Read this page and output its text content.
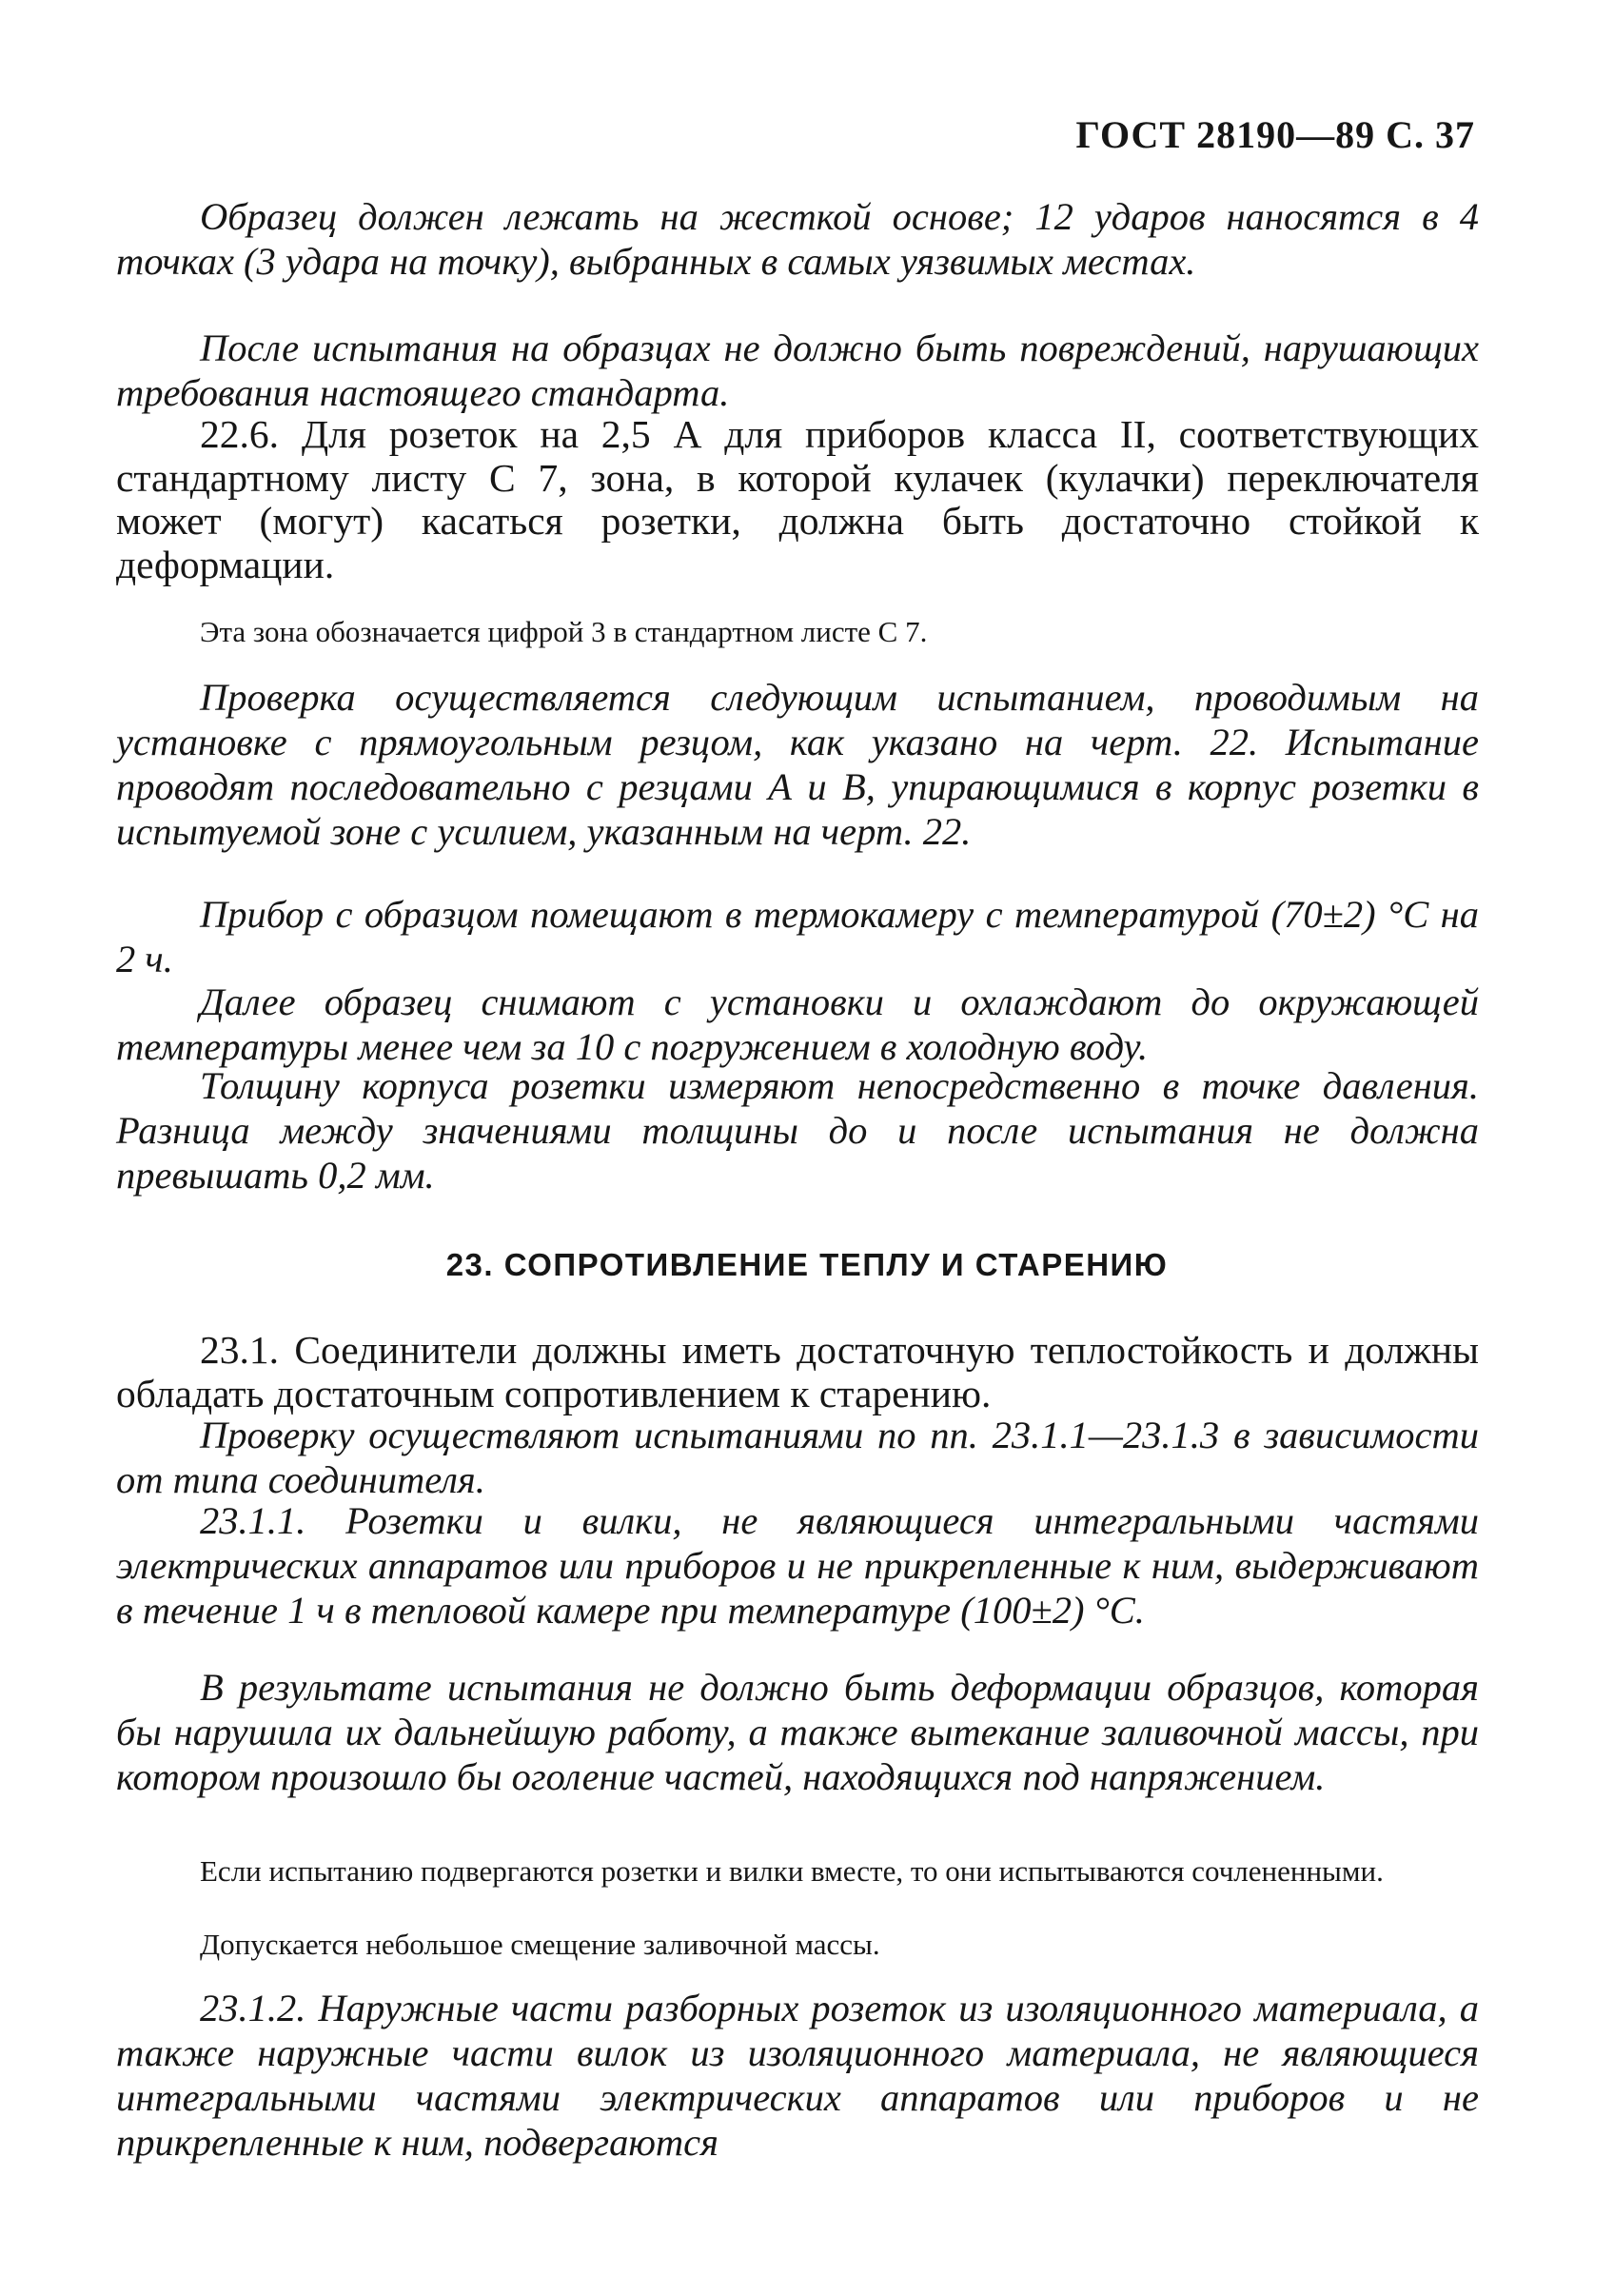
ГОСТ 28190—89 С. 37

Образец должен лежать на жесткой основе; 12 ударов наносятся в 4 точках (3 удара на точку), выбранных в самых уязвимых местах.

После испытания на образцах не должно быть повреждений, нарушающих требования настоящего стандарта.

22.6. Для розеток на 2,5 А для приборов класса II, соответствующих стандартному листу С 7, зона, в которой кулачек (кулачки) переключателя может (могут) касаться розетки, должна быть достаточно стойкой к деформации.

Эта зона обозначается цифрой 3 в стандартном листе С 7.

Проверка осуществляется следующим испытанием, проводимым на установке с прямоугольным резцом, как указано на черт. 22. Испытание проводят последовательно с резцами А и В, упирающимися в корпус розетки в испытуемой зоне с усилием, указанным на черт. 22.

Прибор с образцом помещают в термокамеру с температурой (70±2) °С на 2 ч.

Далее образец снимают с установки и охлаждают до окружающей температуры менее чем за 10 с погружением в холодную воду.

Толщину корпуса розетки измеряют непосредственно в точке давления. Разница между значениями толщины до и после испытания не должна превышать 0,2 мм.

23. СОПРОТИВЛЕНИЕ ТЕПЛУ И СТАРЕНИЮ

23.1. Соединители должны иметь достаточную теплостойкость и должны обладать достаточным сопротивлением к старению.

Проверку осуществляют испытаниями по пп. 23.1.1—23.1.3 в зависимости от типа соединителя.

23.1.1. Розетки и вилки, не являющиеся интегральными частями электрических аппаратов или приборов и не прикрепленные к ним, выдерживают в течение 1 ч в тепловой камере при температуре (100±2) °С.

В результате испытания не должно быть деформации образцов, которая бы нарушила их дальнейшую работу, а также вытекание заливочной массы, при котором произошло бы оголение частей, находящихся под напряжением.

Если испытанию подвергаются розетки и вилки вместе, то они испытываются сочлененными.

Допускается небольшое смещение заливочной массы.

23.1.2. Наружные части разборных розеток из изоляционного материала, а также наружные части вилок из изоляционного материала, не являющиеся интегральными частями электрических аппаратов или приборов и не прикрепленные к ним, подвергаются
